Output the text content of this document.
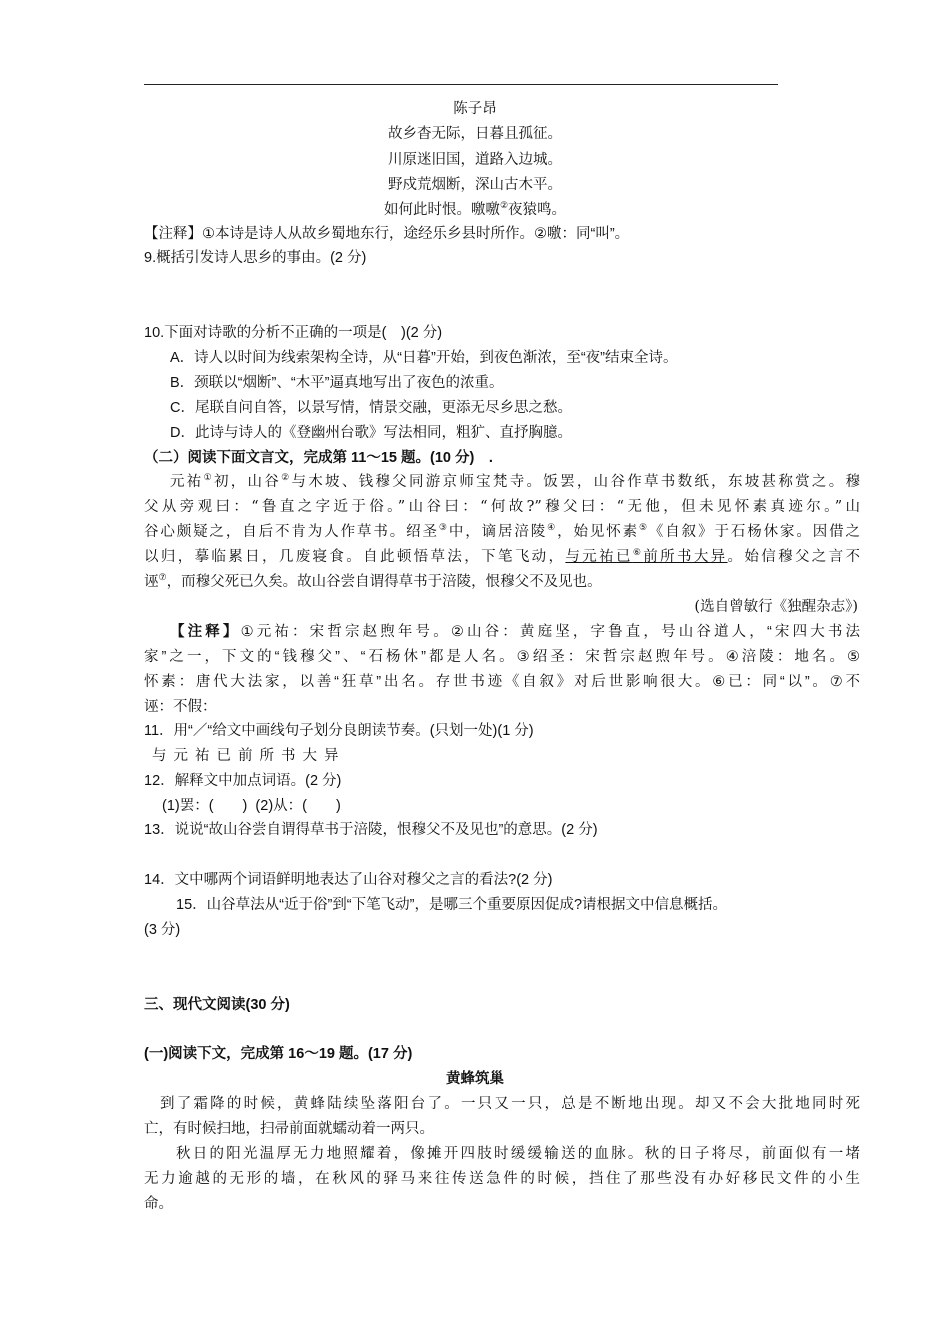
陈子昂
故乡杳无际，日暮且孤征。
川原迷旧国，道路入边城。
野戍荒烟断，深山古木平。
如何此时恨。噭噭②夜猿鸣。
【注释】①本诗是诗人从故乡蜀地东行，途经乐乡县时所作。②噭：同“叫”。
9.概括引发诗人思乡的事由。(2 分)
10.下面对诗歌的分析不正确的一项是(　)(2 分)
A．诗人以时间为线索架构全诗，从“日暮”开始，到夜色渐浓，至“夜”结束全诗。
B．颈联以“烟断”、“木平”逼真地写出了夜色的浓重。
C．尾联自问自答，以景写情，情景交融，更添无尽乡思之愁。
D．此诗与诗人的《登幽州台歌》写法相同，粗犷、直抒胸臆。
（二）阅读下面文言文，完成第 11～15 题。(10 分)　.
元祐①初，山谷②与木坡、钱穆父同游京师宝梵寺。饭罢，山谷作草书数纸，东坡甚称赏之。穆
父从旁观曰：“鲁直之字近于俗。”山谷曰：“何故?”穆父曰：“无他，但未见怀素真迹尔。”山
谷心颇疑之，自后不肯为人作草书。绍圣③中，谪居涪陵④，始见怀素⑤《自叙》于石杨休家。因借之
以归，摹临累日，几废寝食。自此顿悟草法，下笔飞动，与元祐已⑥前所书大异。始信穆父之言不
诬⑦，而穆父死已久矣。故山谷尝自谓得草书于涪陵，恨穆父不及见也。
(选自曾敏行《独醒杂志》)
【注释】①元祐：宋哲宗赵煦年号。②山谷：黄庭坚，字鲁直，号山谷道人，“宋四大书法
家”之一，下文的“钱穆父”、“石杨休”都是人名。③绍圣：宋哲宗赵煦年号。④涪陵：地名。⑤
怀素：唐代大法家，以善“狂草”出名。存世书迹《自叙》对后世影响很大。⑥已：同“以”。⑦不
诬：不假：
11．用“／“给文中画线句子划分良朗读节奏。(只划一处)(1 分)
与元祐已前所书大异
12．解释文中加点词语。(2 分)
(1)罢：(　　)  (2)从：(　　)
13．说说“故山谷尝自谓得草书于涪陵，恨穆父不及见也”的意思。(2 分)
14．文中哪两个词语鲜明地表达了山谷对穆父之言的看法?(2 分)
15．山谷草法从“近于俗”到“下笔飞动”，是哪三个重要原因促成?请根据文中信息概括。
(3 分)
三、现代文阅读(30 分)
(一)阅读下文，完成第 16～19 题。(17 分)
黄蜂筑巢
到了霜降的时候，黄蜂陆续坠落阳台了。一只又一只，总是不断地出现。却又不会大批地同时死
亡，有时候扫地，扫帚前面就蠕动着一两只。
秋日的阳光温厚无力地照耀着，像摊开四肢时缓缓输送的血脉。秋的日子将尽，前面似有一堵
无力逾越的无形的墙，在秋风的驿马来往传送急件的时候，挡住了那些没有办好移民文件的小生
命。
